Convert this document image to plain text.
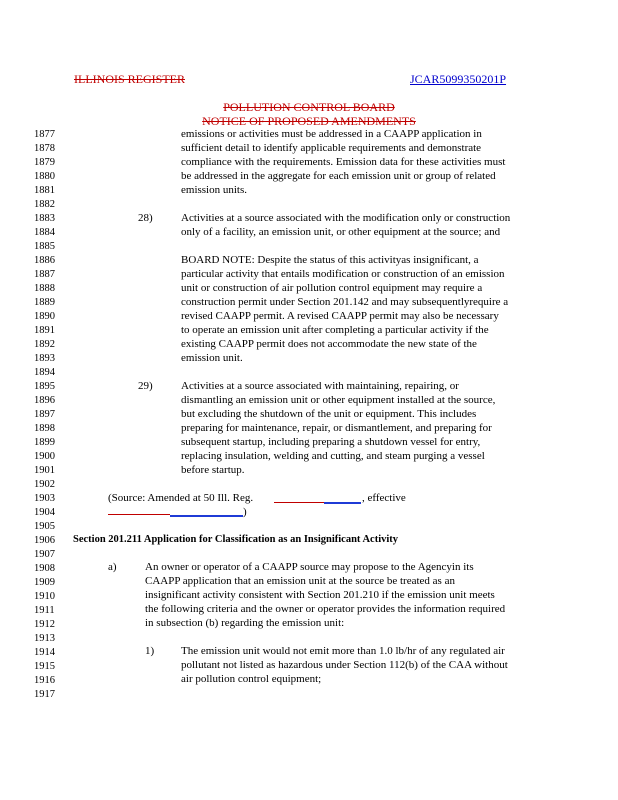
ILLINOIS REGISTER	JCAR5099350201P
POLLUTION CONTROL BOARD
NOTICE OF PROPOSED AMENDMENTS
1877
1878
1879
1880
1881
1882
1883
1884
1885
1886
1887
1888
1889
1890
1891
1892
1893
1894
1895
1896
1897
1898
1899
1900
1901
1902
1903
1904
1905
1906
1907
1908
1909
1910
1911
1912
1913
1914
1915
1916
1917
emissions or activities must be addressed in a CAAPP application in
sufficient detail to identify applicable requirements and demonstrate
compliance with the requirements. Emission data for these activities must
be addressed in the aggregate for each emission unit or group of related
emission units.
28)	Activities at a source associated with the modification only or construction
only of a facility, an emission unit, or other equipment at the source; and
BOARD NOTE: Despite the status of this activityas insignificant, a
particular activity that entails modification or construction of an emission
unit or construction of air pollution control equipment may require a
construction permit under Section 201.142 and may subsequentlyrequire a
revised CAAPP permit. A revised CAAPP permit may also be necessary
to operate an emission unit after completing a particular activity if the
existing CAAPP permit does not accommodate the new state of the
emission unit.
29)	Activities at a source associated with maintaining, repairing, or
dismantling an emission unit or other equipment installed at the source,
but excluding the shutdown of the unit or equipment. This includes
preparing for maintenance, repair, or dismantlement, and preparing for
subsequent startup, including preparing a shutdown vessel for entry,
replacing insulation, welding and cutting, and steam purging a vessel
before startup.
(Source: Amended at 50 Ill. Reg.	, effective
)
Section 201.211 Application for Classification as an Insignificant Activity
a)	An owner or operator of a CAAPP source may propose to the Agencyin its
CAAPP application that an emission unit at the source be treated as an
insignificant activity consistent with Section 201.210 if the emission unit meets
the following criteria and the owner or operator provides the information required
in subsection (b) regarding the emission unit:
1) The emission unit would not emit more than 1.0 lb/hr of any regulated air
pollutant not listed as hazardous under Section 112(b) of the CAA without
air pollution control equipment;
